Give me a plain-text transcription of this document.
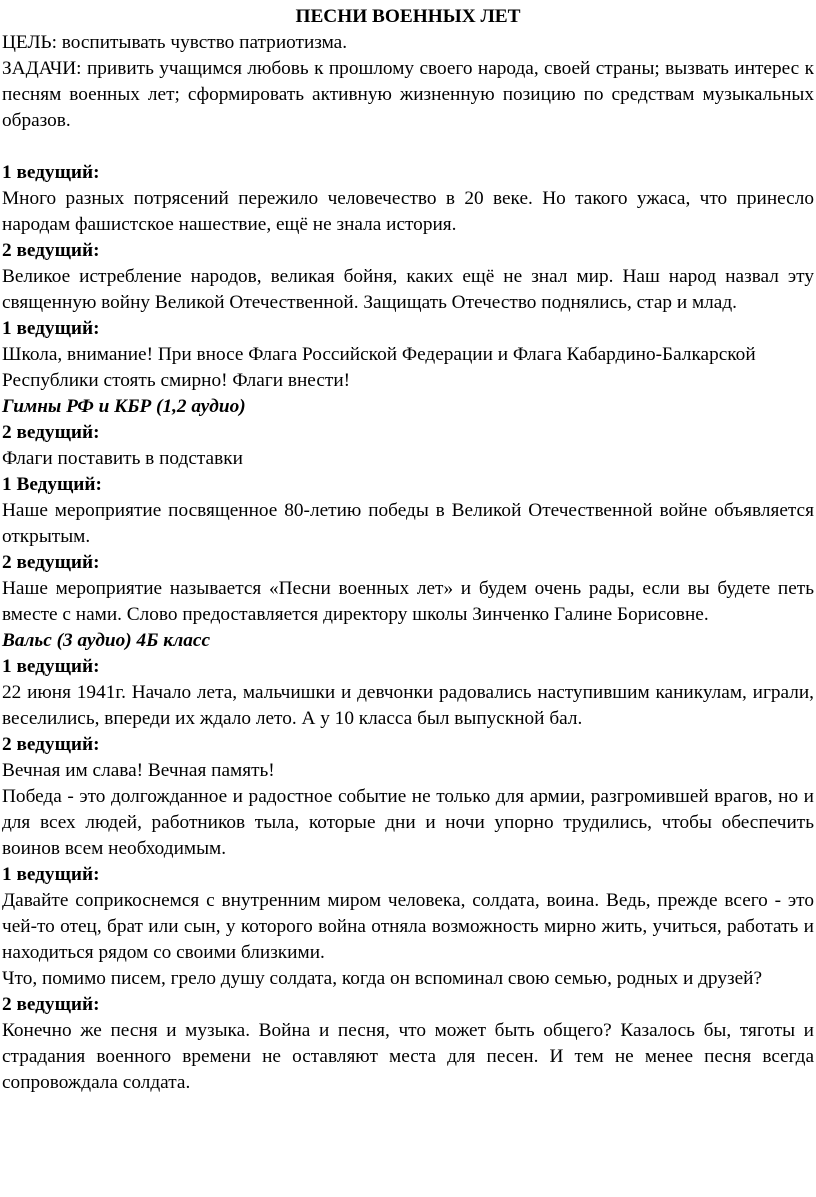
ПЕСНИ ВОЕННЫХ ЛЕТ

ЦЕЛЬ: воспитывать чувство патриотизма.

ЗАДАЧИ: привить учащимся любовь к прошлому своего народа, своей страны; вызвать интерес к песням военных лет; сформировать активную жизненную позицию по средствам музыкальных образов.

1 ведущий:

Много разных потрясений пережило человечество в 20 веке. Но такого ужаса, что принесло народам фашистское нашествие, ещё не знала история.

2 ведущий:

Великое истребление народов, великая бойня, каких ещё не знал мир. Наш народ назвал эту священную войну Великой Отечественной. Защищать Отечество поднялись, стар и млад.

1 ведущий:

Школа, внимание! При вносе Флага Российской Федерации и Флага Кабардино-Балкарской Республики стоять смирно! Флаги внести!

Гимны РФ и КБР (1,2 аудио)

2 ведущий:

Флаги поставить в подставки

1 Ведущий:

Наше мероприятие посвященное 80-летию победы в Великой Отечественной войне объявляется открытым.

2 ведущий:

Наше мероприятие называется «Песни военных лет» и будем очень рады, если вы будете петь вместе с нами. Слово предоставляется директору школы Зинченко Галине Борисовне.

Вальс (3 аудио) 4Б класс

1 ведущий:

22 июня 1941г. Начало лета, мальчишки и девчонки радовались наступившим каникулам, играли, веселились, впереди их ждало лето. А у 10 класса был выпускной бал.

2 ведущий:

Вечная им слава! Вечная память!

Победа - это долгожданное и радостное событие не только для армии, разгромившей врагов, но и для всех людей, работников тыла, которые дни и ночи упорно трудились, чтобы обеспечить воинов всем необходимым.

1 ведущий:

Давайте соприкоснемся с внутренним миром человека, солдата, воина. Ведь, прежде всего - это чей-то отец, брат или сын, у которого война отняла возможность мирно жить, учиться, работать и находиться рядом со своими близкими.

Что, помимо писем, грело душу солдата, когда он вспоминал свою семью, родных и друзей?

2 ведущий:

Конечно же песня и музыка. Война и песня, что может быть общего? Казалось бы, тяготы и страдания военного времени не оставляют места для песен. И тем не менее песня всегда сопровождала солдата.
